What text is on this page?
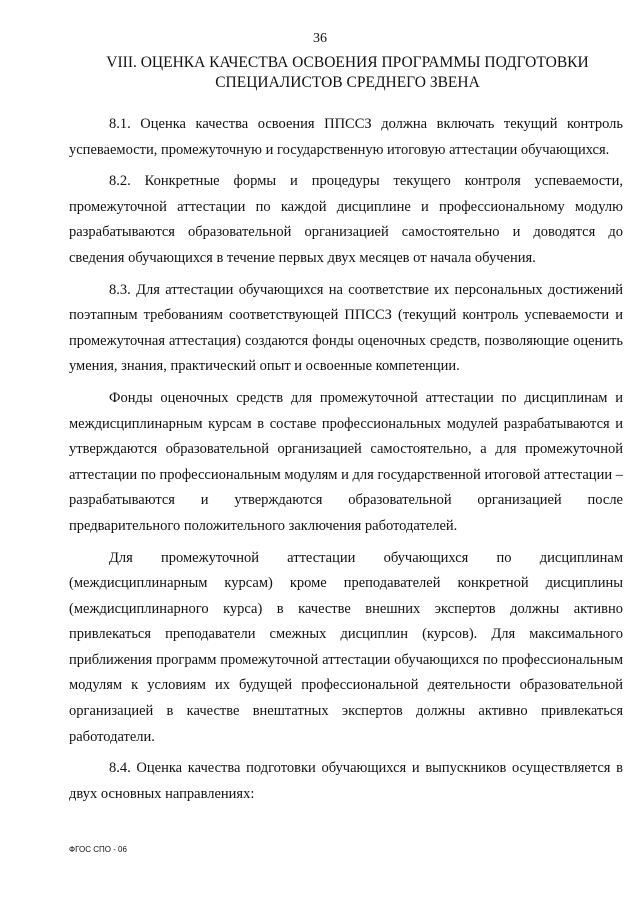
36
VIII. ОЦЕНКА КАЧЕСТВА ОСВОЕНИЯ ПРОГРАММЫ ПОДГОТОВКИ
СПЕЦИАЛИСТОВ СРЕДНЕГО ЗВЕНА

8.1. Оценка качества освоения ППССЗ должна включать текущий контроль успеваемости, промежуточную и государственную итоговую аттестации обучающихся.

8.2. Конкретные формы и процедуры текущего контроля успеваемости, промежуточной аттестации по каждой дисциплине и профессиональному модулю разрабатываются образовательной организацией самостоятельно и доводятся до сведения обучающихся в течение первых двух месяцев от начала обучения.

8.3. Для аттестации обучающихся на соответствие их персональных достижений поэтапным требованиям соответствующей ППССЗ (текущий контроль успеваемости и промежуточная аттестация) создаются фонды оценочных средств, позволяющие оценить умения, знания, практический опыт и освоенные компетенции.

Фонды оценочных средств для промежуточной аттестации по дисциплинам и междисциплинарным курсам в составе профессиональных модулей разрабатываются и утверждаются образовательной организацией самостоятельно, а для промежуточной аттестации по профессиональным модулям и для государственной итоговой аттестации – разрабатываются и утверждаются образовательной организацией после предварительного положительного заключения работодателей.

Для промежуточной аттестации обучающихся по дисциплинам (междисциплинарным курсам) кроме преподавателей конкретной дисциплины (междисциплинарного курса) в качестве внешних экспертов должны активно привлекаться преподаватели смежных дисциплин (курсов). Для максимального приближения программ промежуточной аттестации обучающихся по профессиональным модулям к условиям их будущей профессиональной деятельности образовательной организацией в качестве внештатных экспертов должны активно привлекаться работодатели.

8.4. Оценка качества подготовки обучающихся и выпускников осуществляется в двух основных направлениях:

ФГОС СПО - 06
